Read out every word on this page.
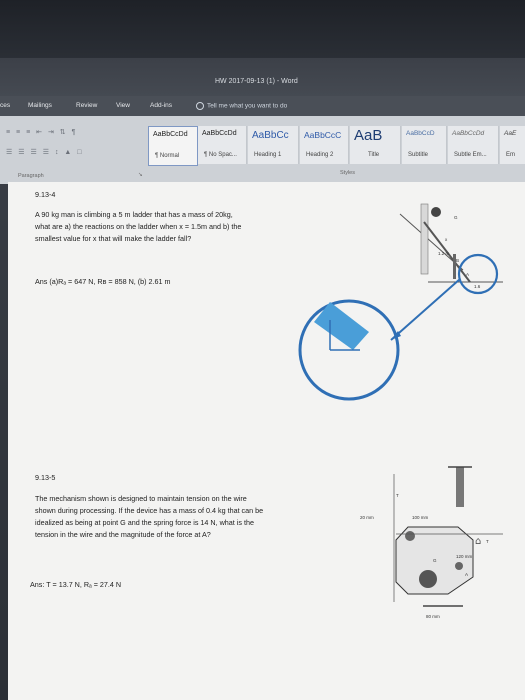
HW 2017-09-13 (1) - Word
ces	Mailings	Review	View	Add-ins	Tell me what you want to do
≡ ≡ ≡ ⇤ ⇥ ⇅ ¶
☰ ☰ ☰ ☰ ↕ ▲ □
AaBbCcDd
¶ Normal
AaBbCcDd
¶ No Spac...
AaBbCc
Heading 1
AaBbCcC
Heading 2
AaB
Title
AaBbCcD
Subtitle
AaBbCcDd
Subtle Em...
AaE
Em
Paragraph	↘	Styles
9.13-4
A 90 kg man is climbing a 5 m ladder that has a mass of 20kg,
what are a) the reactions on the ladder when x = 1.5m and b) the
smallest value for x that will make the ladder fall?
Ans (a)Rₐ = 647 N, Rʙ = 858 N, (b) 2.61 m
G
x
B
1.2 m
A
1.6
9.13-5
The mechanism shown is designed to maintain tension on the wire
shown during processing. If the device has a mass of 0.4 kg that can be
idealized as being at point G and the spring force is 14 N, what is the
tension in the wire and the magnitude of the force at A?
Ans: T = 13.7 N, Rₐ = 27.4 N
T
20 mm	100 mm
T
120 mm
G
A
80 mm
⌂
